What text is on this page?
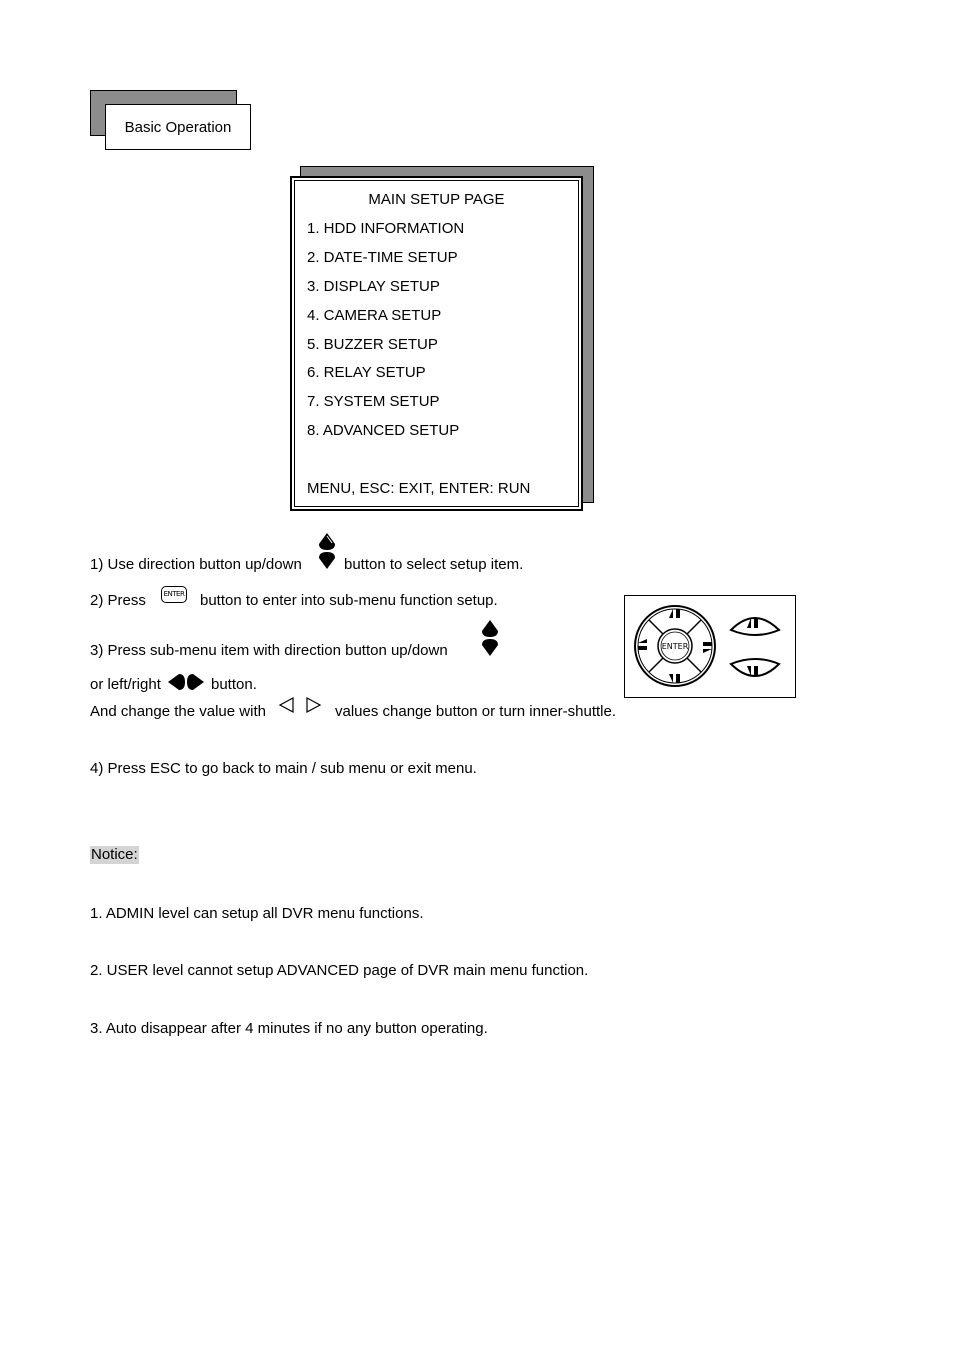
Basic Operation
MAIN SETUP PAGE
1. HDD INFORMATION
2. DATE-TIME SETUP
3. DISPLAY SETUP
4. CAMERA SETUP
5. BUZZER SETUP
6. RELAY SETUP
7. SYSTEM SETUP
8. ADVANCED SETUP
MENU, ESC: EXIT, ENTER: RUN
1) Use direction button up/down	button to select setup item.
2) Press	ENTER button to enter into sub-menu function setup.
3) Press sub-menu item with direction button up/down
or left/right	button.
And change the value with	values change button or turn inner-shuttle.
4) Press ESC to go back to main / sub menu or exit menu.
ENTER
Notice:
1. ADMIN level can setup all DVR menu functions.
2. USER level cannot setup ADVANCED page of DVR main menu function.
3. Auto disappear after 4 minutes if no any button operating.
